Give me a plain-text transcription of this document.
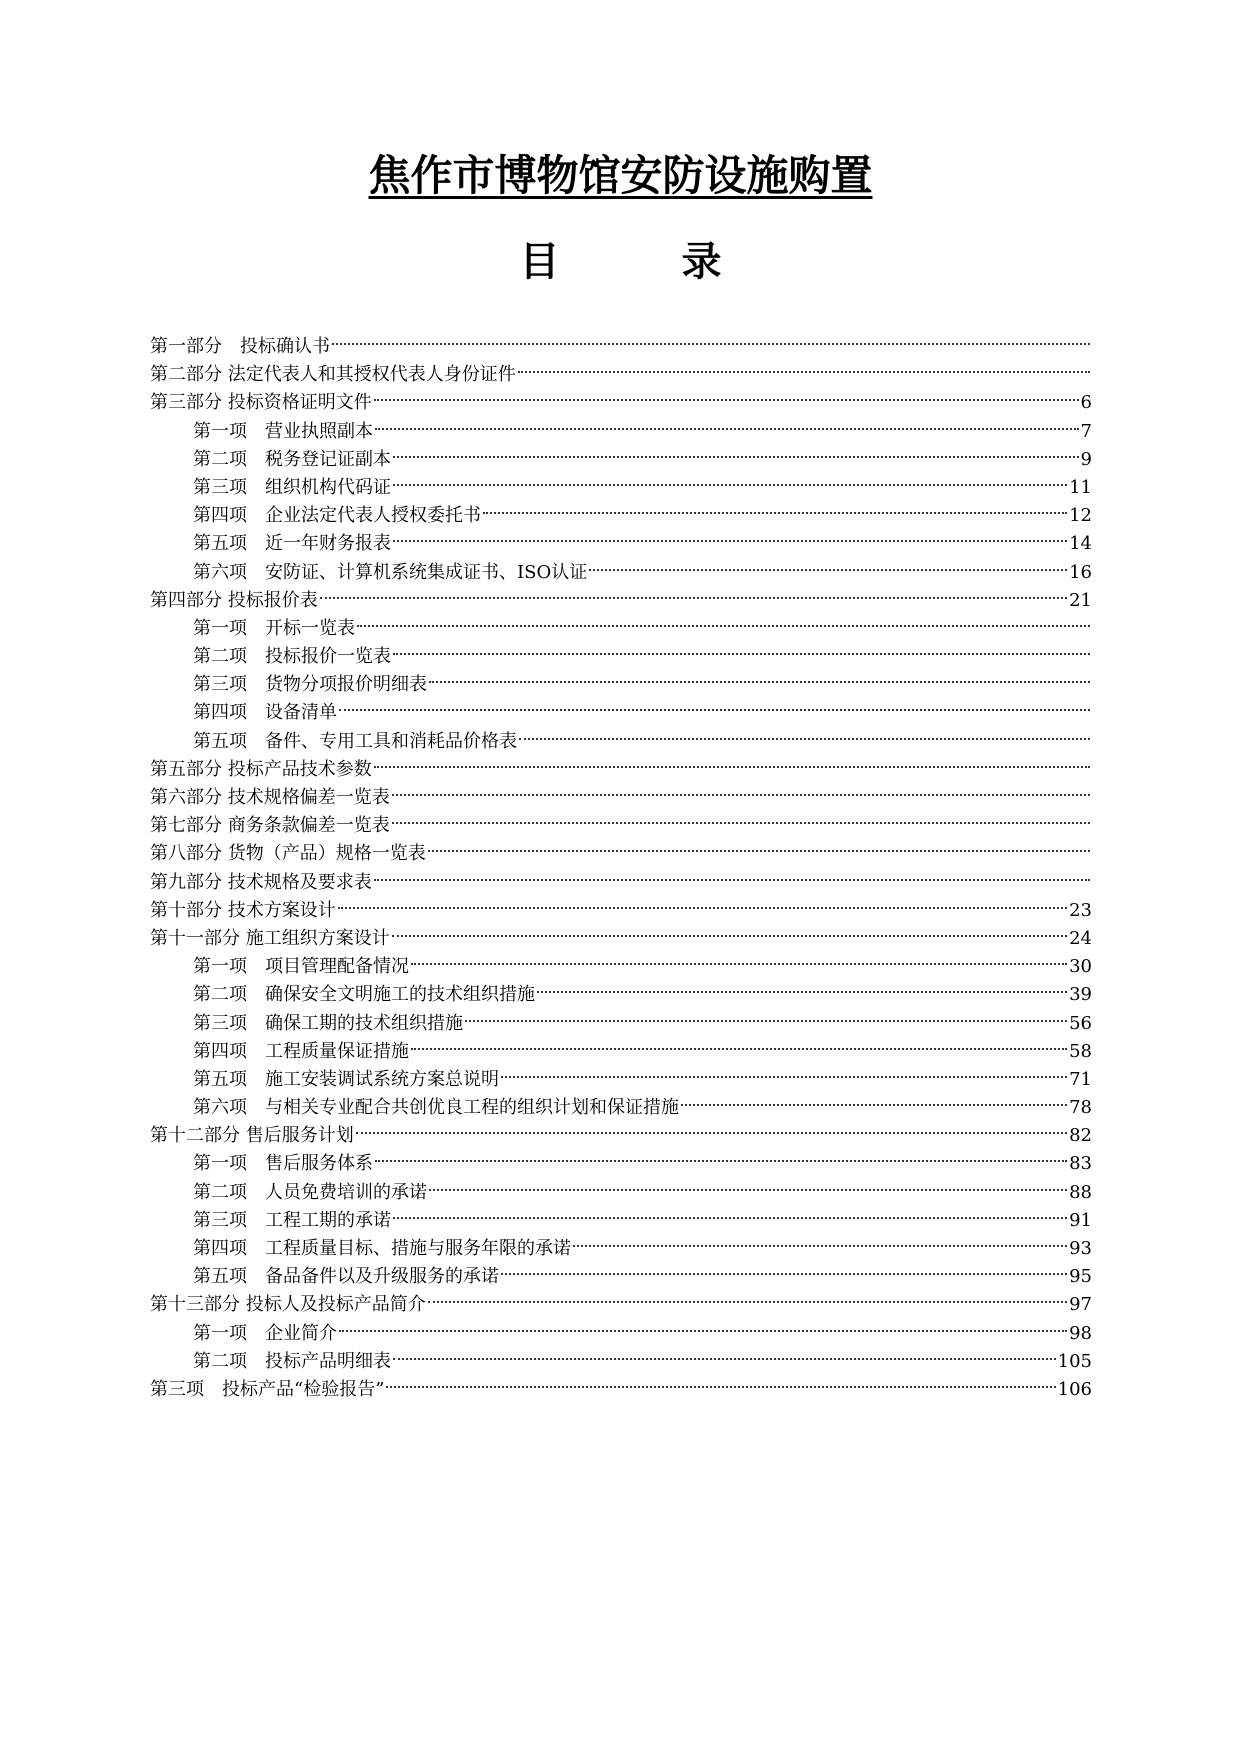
焦作市博物馆安防设施购置
目 录
第一部分　投标确认书
第二部分 法定代表人和其授权代表人身份证件
第三部分 投标资格证明文件	6
第一项　营业执照副本	7
第二项　税务登记证副本	9
第三项　组织机构代码证	11
第四项　企业法定代表人授权委托书	12
第五项　近一年财务报表	14
第六项　安防证、计算机系统集成证书、ISO认证	16
第四部分 投标报价表	21
第一项　开标一览表
第二项　投标报价一览表
第三项　货物分项报价明细表
第四项　设备清单
第五项　备件、专用工具和消耗品价格表
第五部分 投标产品技术参数
第六部分 技术规格偏差一览表
第七部分 商务条款偏差一览表
第八部分 货物（产品）规格一览表
第九部分 技术规格及要求表
第十部分 技术方案设计	23
第十一部分 施工组织方案设计	24
第一项　项目管理配备情况	30
第二项　确保安全文明施工的技术组织措施	39
第三项　确保工期的技术组织措施	56
第四项　工程质量保证措施	58
第五项　施工安装调试系统方案总说明	71
第六项　与相关专业配合共创优良工程的组织计划和保证措施	78
第十二部分 售后服务计划	82
第一项　售后服务体系	83
第二项　人员免费培训的承诺	88
第三项　工程工期的承诺	91
第四项　工程质量目标、措施与服务年限的承诺	93
第五项　备品备件以及升级服务的承诺	95
第十三部分 投标人及投标产品简介	97
第一项　企业简介	98
第二项　投标产品明细表	105
第三项　投标产品“检验报告”	106
